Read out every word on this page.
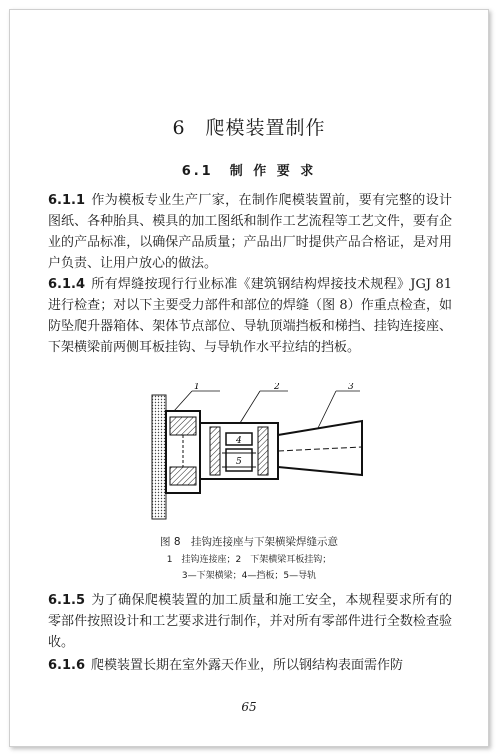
6　爬模装置制作
6.1　制 作 要 求
6.1.1 作为模板专业生产厂家，在制作爬模装置前，要有完整的设计图纸、各种胎具、模具的加工图纸和制作工艺流程等工艺文件，要有企业的产品标准，以确保产品质量；产品出厂时提供产品合格证，是对用户负责、让用户放心的做法。
6.1.4 所有焊缝按现行行业标准《建筑钢结构焊接技术规程》JGJ 81 进行检查；对以下主要受力部件和部位的焊缝（图 8）作重点检查，如防坠爬升器箱体、架体节点部位、导轨顶端挡板和梯挡、挂钩连接座、下架横梁前两侧耳板挂钩、与导轨作水平拉结的挡板。
1	2	3
4
5
图 8　挂钩连接座与下架横梁焊缝示意
1　挂钩连接座；2　下架横梁耳板挂钩；
3—下架横梁；4—挡板；5—导轨
6.1.5 为了确保爬模装置的加工质量和施工安全，本规程要求所有的零部件按照设计和工艺要求进行制作，并对所有零部件进行全数检查验收。
6.1.6 爬模装置长期在室外露天作业，所以钢结构表面需作防
65
